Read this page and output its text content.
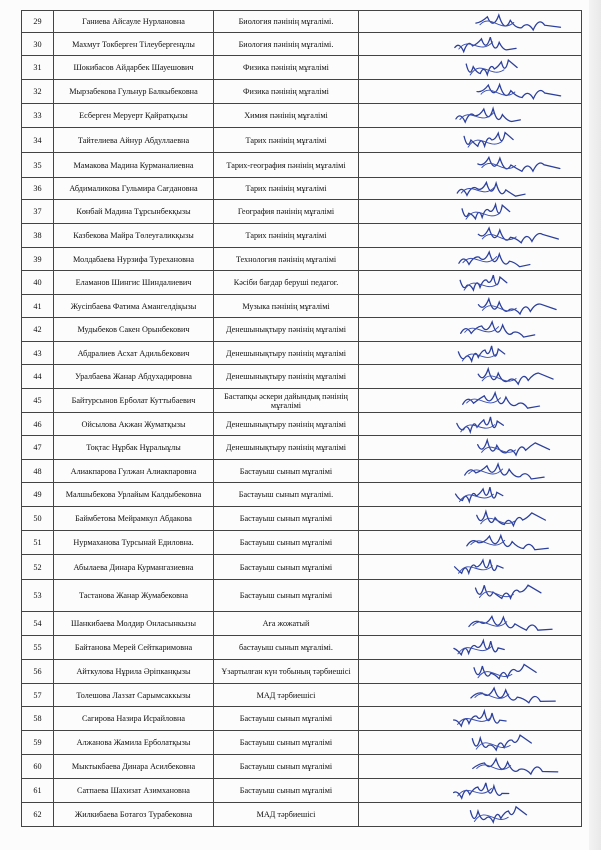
29	Ганиева Айсауле Нурлановна	Биология пәнінің мұғалімі.	

30	Махмут Токберген Тілеубергенұлы	Биология пәнінің мұғалімі.	

31	Шокибасов Айдарбек Шауешович	Физика пәнінің мұғалімі	

32	Мырзабекова Гульнур Балкыбековна	Физика пәнінің мұғалімі	

33	Есберген Меруерт Қайратқызы	Химия пәнінің мұғалімі	

34	Тайтелиева Айнур Абдуллаевна	Тарих пәнінің мұғалімі	

35	Мамакова Мадина Курманалиевна	Тарих-география пәнінің мұғалімі	

36	Абдималикова Гульмира Сағдановна	Тарих пәнінің мұғалімі	

37	Көнбай Мадина Тұрсынбекқызы	География пәнінің мұғалімі	

38	Казбекова Майра Төлеуғаликқызы	Тарих пәнінің мұғалімі	

39	Молдабаева Нурзифа Турехановна	Технология пәнінің мұғалімі	

40	Еламанов Шингис Шиндалиевич	Кәсіби бағдар беруші педагог.	

41	Жусіпбаева Фатима Амангелдіқызы	Музыка пәнінің мұғалімі	

42	Мудыбеков Сакен Орынбекович	Денешынықтыру пәнінің мұғалімі	

43	Абдралиев Асхат Адильбекович	Денешынықтыру пәнінің мұғалімі	

44	Уралбаева Жанар Абдухадировна	Денешынықтыру пәнінің мұғалімі	

45	Байтурсынов Ерболат Куттыбаевич	Бастапқы әскери дайындық пәнінің мұғалімі	

46	Ойсылова Акжан Жуматқызы	Денешынықтыру пәнінің мұғалімі	

47	Тоқтас Нұрбак Нұралыұлы	Денешынықтыру пәнінің мұғалімі	

48	Алиакпарова Гулжан Алиакпаровна	Бастауыш сынып мұғалімі	

49	Малшыбекова Урлайым Калдыбековна	Бастауыш сынып мұғалімі.	

50	Баймбетова Мейрамкул Абдакова	Бастауыш сынып мұғалімі	

51	Нурмаханова Турсынай Едиловна.	Бастауыш сынып мұғалімі	

52	Абылаева Динара Курмангазиевна	Бастауыш сынып мұғалімі	

53	Тастанова Жанар Жумабековна	Бастауыш сынып мұғалімі	

54	Шанкибаева Молдир Онласынкызы	Аға жожатый	

55	Байтанова Мерей Сейткаримовна	бастауыш сынып мұғалімі.	

56	Айткулова Нұрила Әріпканқызы	Ұзартылған күн тобының тәрбиешісі	

57	Толешова Лаззат Сарымсаккызы	МАД тәрбиешісі	

58	Сагирова Назира Исрайловна	Бастауыш сынып мұғалімі	

59	Алжанова Жамила Ерболатқызы	Бастауыш сынып мұғалімі	

60	Мыктыкбаева Динара Асилбековна	Бастауыш сынып мұғалімі	

61	Сатпаева Шахизат Азимхановна	Бастауыш сынып мұғалімі	

62	Жилкибаева Ботагоз Турабековна	МАД тәрбиешісі	
